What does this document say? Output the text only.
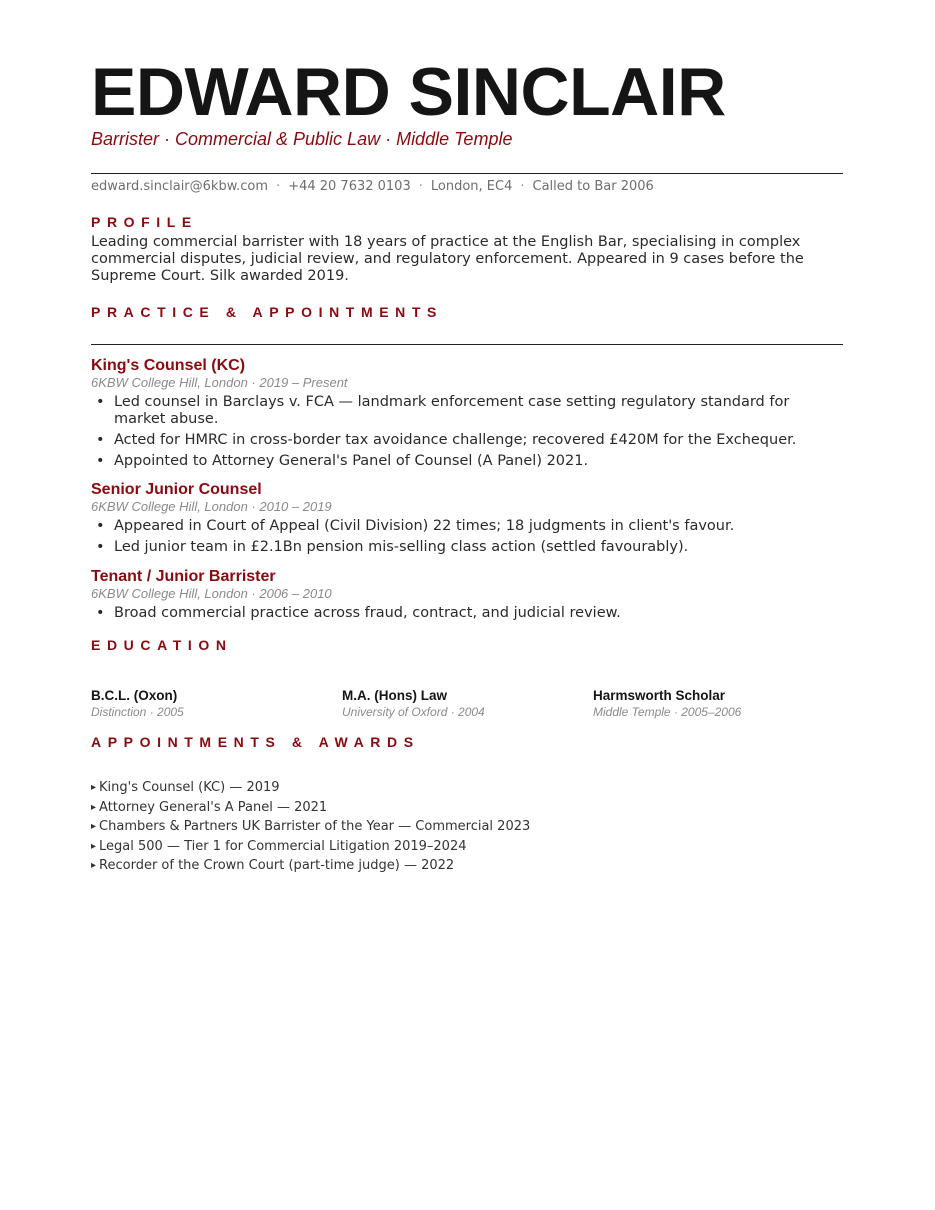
EDWARD SINCLAIR
Barrister · Commercial & Public Law · Middle Temple
edward.sinclair@6kbw.com · +44 20 7632 0103 · London, EC4 · Called to Bar 2006
PROFILE

Leading commercial barrister with 18 years of practice at the English Bar, specialising in complex commercial disputes, judicial review, and regulatory enforcement. Appeared in 9 cases before the Supreme Court. Silk awarded 2019.

PRACTICE & APPOINTMENTS
King's Counsel (KC)
6KBW College Hill, London · 2019 – Present
• Led counsel in Barclays v. FCA — landmark enforcement case setting regulatory standard for market abuse.
• Acted for HMRC in cross-border tax avoidance challenge; recovered £420M for the Exchequer.
• Appointed to Attorney General's Panel of Counsel (A Panel) 2021.
Senior Junior Counsel
6KBW College Hill, London · 2010 – 2019
• Appeared in Court of Appeal (Civil Division) 22 times; 18 judgments in client's favour.
• Led junior team in £2.1Bn pension mis-selling class action (settled favourably).
Tenant / Junior Barrister
6KBW College Hill, London · 2006 – 2010
• Broad commercial practice across fraud, contract, and judicial review.
EDUCATION
B.C.L. (Oxon)
Distinction · 2005
M.A. (Hons) Law
University of Oxford · 2004
Harmsworth Scholar
Middle Temple · 2005–2006
APPOINTMENTS & AWARDS
▸ King's Counsel (KC) — 2019
▸ Attorney General's A Panel — 2021
▸ Chambers & Partners UK Barrister of the Year — Commercial 2023
▸ Legal 500 — Tier 1 for Commercial Litigation 2019–2024
▸ Recorder of the Crown Court (part-time judge) — 2022
